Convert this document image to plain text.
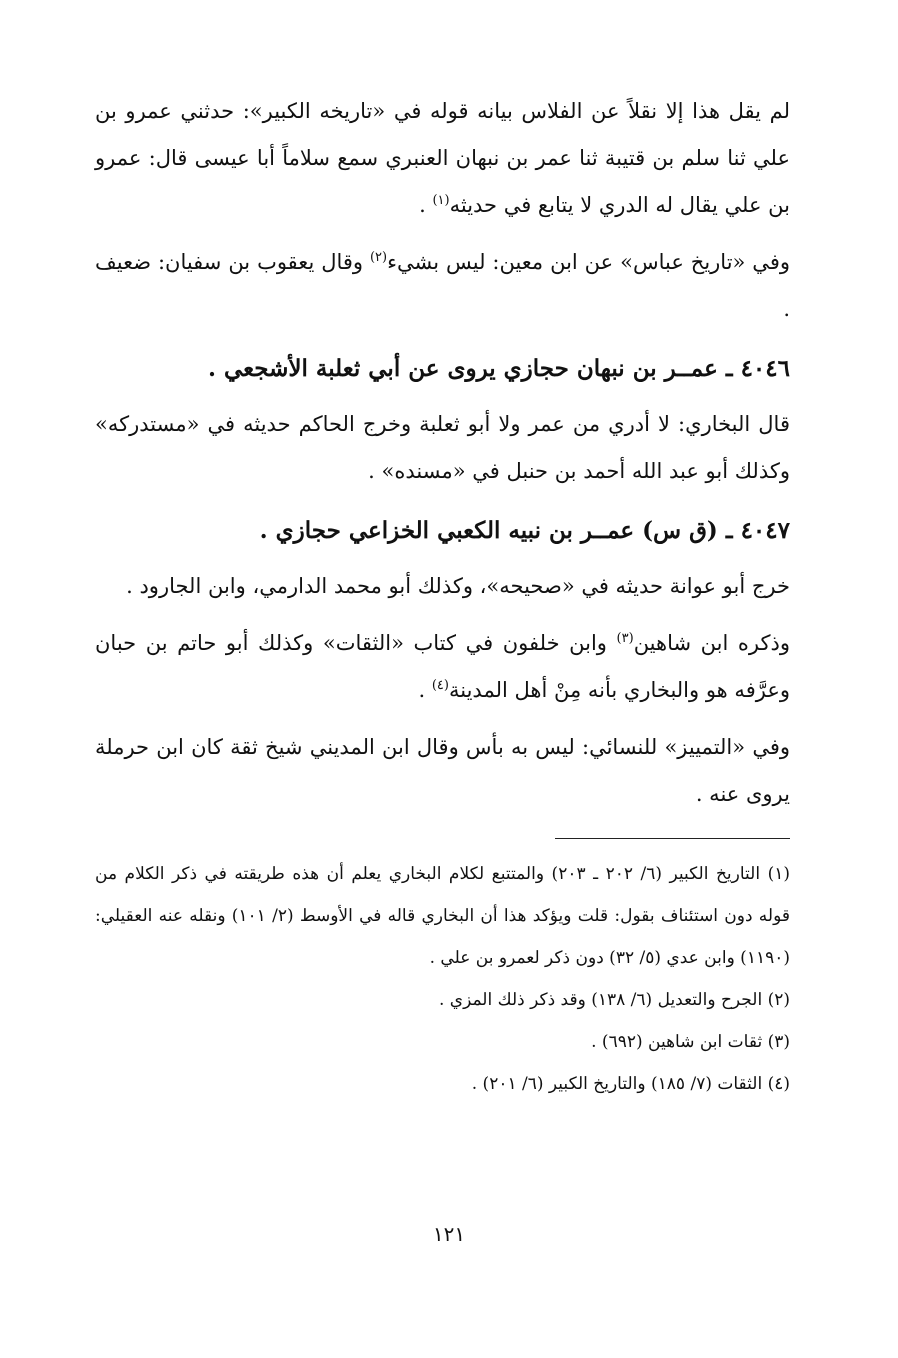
لم يقل هذا إلا نقلاً عن الفلاس بيانه قوله في «تاريخه الكبير»: حدثني عمرو بن علي ثنا سلم بن قتيبة ثنا عمر بن نبهان العنبري سمع سلاماً أبا عيسى قال: عمرو بن علي يقال له الدري لا يتابع في حديثه$^{(١)}$ .

وفي «تاريخ عباس» عن ابن معين: ليس بشيء$^{(٢)}$ وقال يعقوب بن سفيان: ضعيف .

٤٠٤٦ ـ عمــر بن نبهان حجازي يروى عن أبي ثعلبة الأشجعي .

قال البخاري: لا أدري من عمر ولا أبو ثعلبة وخرج الحاكم حديثه في «مستدركه» وكذلك أبو عبد الله أحمد بن حنبل في «مسنده» .

٤٠٤٧ ـ (ق س) عمــر بن نبيه الكعبي الخزاعي حجازي .

خرج أبو عوانة حديثه في «صحيحه»، وكذلك أبو محمد الدارمي، وابن الجارود .

وذكره ابن شاهين$^{(٣)}$ وابن خلفون في كتاب «الثقات» وكذلك أبو حاتم بن حبان وعرَّفه هو والبخاري بأنه مِنْ أهل المدينة$^{(٤)}$ .

وفي «التمييز» للنسائي: ليس به بأس وقال ابن المديني شيخ ثقة كان ابن حرملة يروى عنه .

(١) التاريخ الكبير (٦/ ٢٠٢ ـ ٢٠٣) والمتتبع لكلام البخاري يعلم أن هذه طريقته في ذكر الكلام من قوله دون استئناف بقول: قلت ويؤكد هذا أن البخاري قاله في الأوسط (٢/ ١٠١) ونقله عنه العقيلي: (١١٩٠) وابن عدي (٥/ ٣٢) دون ذكر لعمرو بن علي .

(٢) الجرح والتعديل (٦/ ١٣٨) وقد ذكر ذلك المزي .

(٣) ثقات ابن شاهين (٦٩٢) .

(٤) الثقات (٧/ ١٨٥) والتاريخ الكبير (٦/ ٢٠١) .

١٢١
